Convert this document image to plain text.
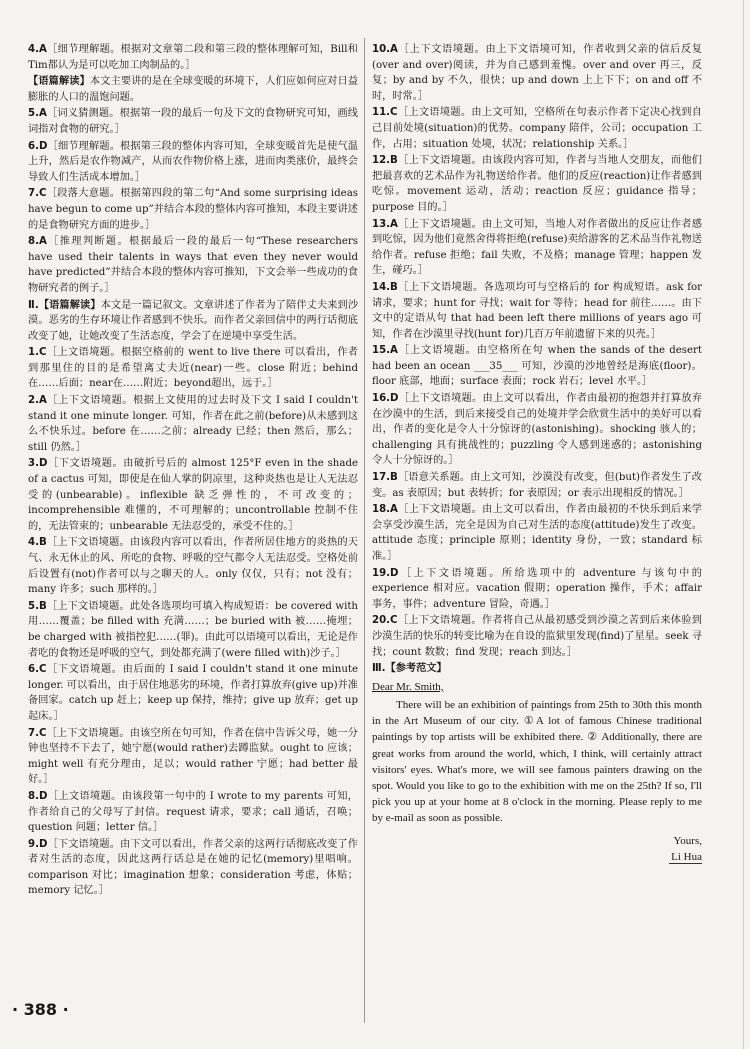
4.A［细节理解题。根据对文章第二段和第三段的整体理解可知，Bill和 Tim都认为是可以吃加工肉制品的。］
【语篇解读】本文主要讲的是在全球变暖的环境下，人们应如何应对日益膨胀的人口的温饱问题。
5.A［词义猜测题。根据第一段的最后一句及下文的食物研究可知，画线词指对食物的研究。］
6.D［细节理解题。根据第三段的整体内容可知，全球变暖首先是使气温上升，然后是农作物减产，从而农作物价格上涨，进而肉类涨价，最终会导致人们生活成本增加。］
7.C［段落大意题。根据第四段的第二句“And some surprising ideas have begun to come up”并结合本段的整体内容可推知，本段主要讲述的是食物研究方面的进步。］
8.A［推理判断题。根据最后一段的最后一句“These researchers have used their talents in ways that even they never would have predicted”并结合本段的整体内容可推知，下文会举一些成功的食物研究者的例子。］
Ⅱ.【语篇解读】本文是一篇记叙文。文章讲述了作者为了陪伴丈夫来到沙漠。恶劣的生存环境让作者感到不快乐。而作者父亲回信中的两行话彻底改变了她，让她改变了生活态度，学会了在逆境中享受生活。
1.C［上文语境题。根据空格前的 went to live there 可以看出，作者到那里住的目的是希望离丈夫近(near)一些。close 附近；behind在……后面；near在……附近；beyond超出，远于。］
2.A［上下文语境题。根据上文使用的过去时及下文 I said I couldn't stand it one minute longer. 可知，作者在此之前(before)从未感到这么不快乐过。before 在……之前；already 已经；then 然后，那么；still 仍然。］
3.D［下文语境题。由破折号后的 almost 125°F even in the shade of a cactus 可知，即使是在仙人掌的阴凉里，这种炎热也是让人无法忍受的(unbearable)。inflexible 缺乏弹性的，不可改变的；incomprehensible 难懂的，不可理解的；uncontrollable 控制不住的，无法管束的；unbearable 无法忍受的，承受不住的。］
4.B［上下文语境题。由该段内容可以看出，作者所居住地方的炎热的天气、永无休止的风、所吃的食物、呼吸的空气都令人无法忍受。空格处前后设置有(not)作者可以与之聊天的人。only 仅仅，只有；not 没有；many 许多；such 那样的。］
5.B［上下文语境题。此处各选项均可填入构成短语：be covered with 用……覆盖；be filled with 充满……；be buried with 被……掩埋；be charged with 被指控犯……(罪)。由此可以语境可以看出，无论是作者吃的食物还是呼吸的空气，到处都充满了(were filled with)沙子。］
6.C［下文语境题。由后面的 I said I couldn't stand it one minute longer. 可以看出，由于居住地恶劣的环境，作者打算放弃(give up)并准备回家。catch up 赶上；keep up 保持，维持；give up 放弃；get up 起床。］
7.C［上下文语境题。由该空所在句可知，作者在信中告诉父母，她一分钟也坚持不下去了，她宁愿(would rather)去蹲监狱。ought to 应该；might well 有充分理由，足以；would rather 宁愿；had better 最好。］
8.D［上文语境题。由该段第一句中的 I wrote to my parents 可知，作者给自己的父母写了封信。request 请求，要求；call 通话，召唤；question 问题；letter 信。］
9.D［下文语境题。由下文可以看出，作者父亲的这两行话彻底改变了作者对生活的态度，因此这两行话总是在她的记忆(memory)里唱响。comparison 对比；imagination 想象；consideration 考虑，体贴；memory 记忆。］
10.A［上下文语境题。由上下文语境可知，作者收到父亲的信后反复(over and over)阅读，并为自己感到羞愧。over and over 再三，反复；by and by 不久，很快；up and down 上上下下；on and off 不时，时常。］
11.C［上文语境题。由上文可知，空格所在句表示作者下定决心找到自己目前处境(situation)的优势。company 陪伴，公司；occupation 工作，占用；situation 处境，状况；relationship 关系。］
12.B［上下文语境题。由该段内容可知，作者与当地人交朋友，而他们把最喜欢的艺术品作为礼物送给作者。他们的反应(reaction)让作者感到吃惊。movement 运动，活动；reaction 反应；guidance 指导；purpose 目的。］
13.A［上下文语境题。由上文可知，当地人对作者做出的反应让作者感到吃惊，因为他们竟然舍得将拒绝(refuse)卖给游客的艺术品当作礼物送给作者。refuse 拒绝；fail 失败，不及格；manage 管理；happen 发生，碰巧。］
14.B［上下文语境题。各选项均可与空格后的 for 构成短语。ask for 请求，要求；hunt for 寻找；wait for 等待；head for 前往……。由下文中的定语从句 that had been left there millions of years ago 可知，作者在沙漠里寻找(hunt for)几百万年前遗留下来的贝壳。］
15.A［上文语境题。由空格所在句 when the sands of the desert had been an ocean ___35___ 可知，沙漠的沙地曾经是海底(floor)。floor 底部，地面；surface 表面；rock 岩石；level 水平。］
16.D［上下文语境题。由上文可以看出，作者由最初的抱怨并打算放弃在沙漠中的生活，到后来接受自己的处境并学会欣赏生活中的美好可以看出，作者的变化是令人十分惊讶的(astonishing)。shocking 骇人的；challenging 具有挑战性的；puzzling 令人感到迷惑的；astonishing 令人十分惊讶的。］
17.B［语意关系题。由上文可知，沙漠没有改变，但(but)作者发生了改变。as 表原因；but 表转折；for 表原因；or 表示出现相反的情况。］
18.A［上下文语境题。由上文可以看出，作者由最初的不快乐到后来学会享受沙漠生活，完全是因为自己对生活的态度(attitude)发生了改变。attitude 态度；principle 原则；identity 身份，一致；standard 标准。］
19.D［上下文语境题。所给选项中的 adventure 与该句中的 experience 相对应。vacation 假期；operation 操作，手术；affair 事务，事件；adventure 冒险，奇遇。］
20.C［上下文语境题。作者将自己从最初感受到沙漠之苦到后来体验到沙漠生活的快乐的转变比喻为在自设的监狱里发现(find)了星星。seek 寻找；count 数数；find 发现；reach 到达。］
Ⅲ.【参考范文】
Dear Mr. Smith,

There will be an exhibition of paintings from 25th to 30th this month in the Art Museum of our city. ①A lot of famous Chinese traditional paintings by top artists will be exhibited there. ② Additionally, there are great works from around the world, which, I think, will certainly attract visitors' eyes. What's more, we will see famous painters drawing on the spot. Would you like to go to the exhibition with me on the 25th? If so, I'll pick you up at your home at 8 o'clock in the morning. Please reply to me by e-mail as soon as possible.

Yours,
Li Hua
· 388 ·
